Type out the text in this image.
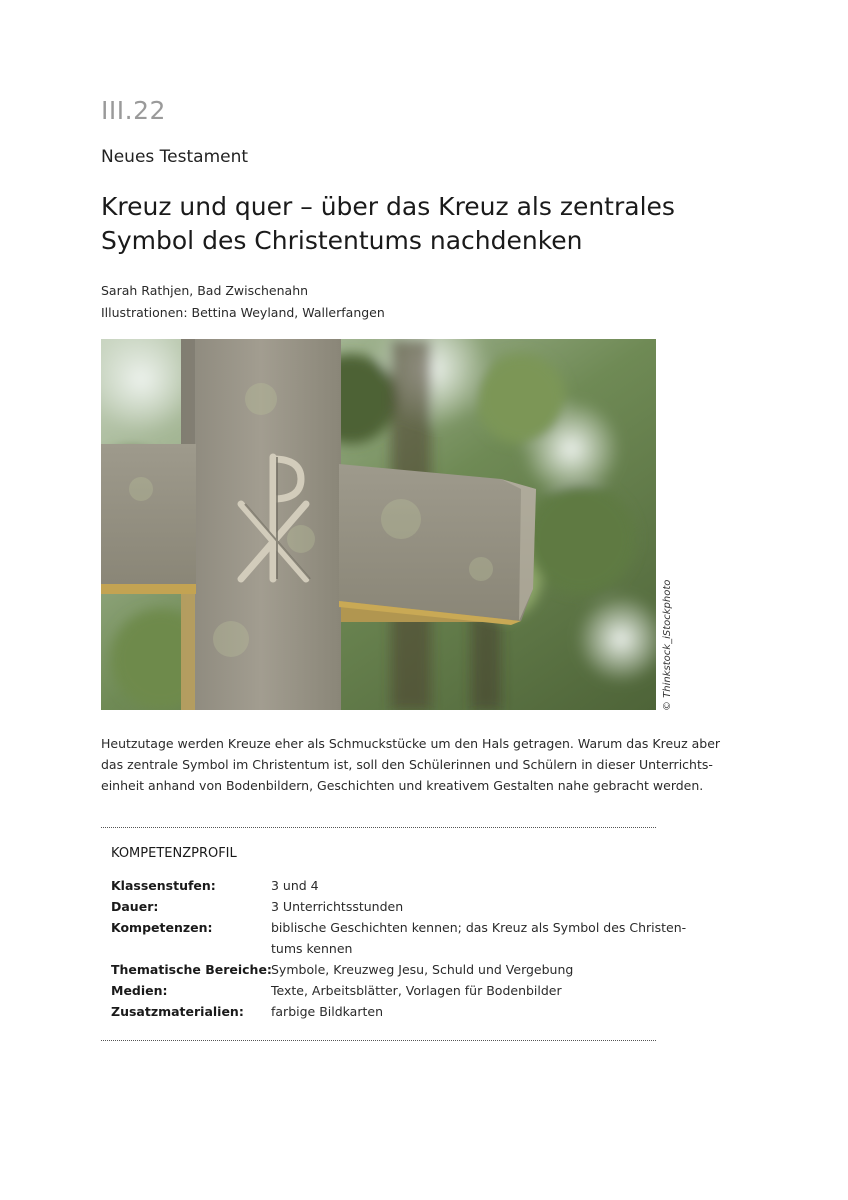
III.22
Neues Testament
Kreuz und quer – über das Kreuz als zentrales
Symbol des Christentums nachdenken
Sarah Rathjen, Bad Zwischenahn
Illustrationen: Bettina Weyland, Wallerfangen
© Thinkstock_iStockphoto
Heutzutage werden Kreuze eher als Schmuckstücke um den Hals getragen. Warum das Kreuz aber
das zentrale Symbol im Christentum ist, soll den Schülerinnen und Schülern in dieser Unterrichts-
einheit anhand von Bodenbildern, Geschichten und kreativem Gestalten nahe gebracht werden.
KOMPETENZPROFIL
Klassenstufen:	3 und 4
Dauer:	3 Unterrichtsstunden
Kompetenzen:	biblische Geschichten kennen; das Kreuz als Symbol des Christen-
tums kennen
Thematische Bereiche: Symbole, Kreuzweg Jesu, Schuld und Vergebung
Medien:	Texte, Arbeitsblätter, Vorlagen für Bodenbilder
Zusatzmaterialien:	farbige Bildkarten
